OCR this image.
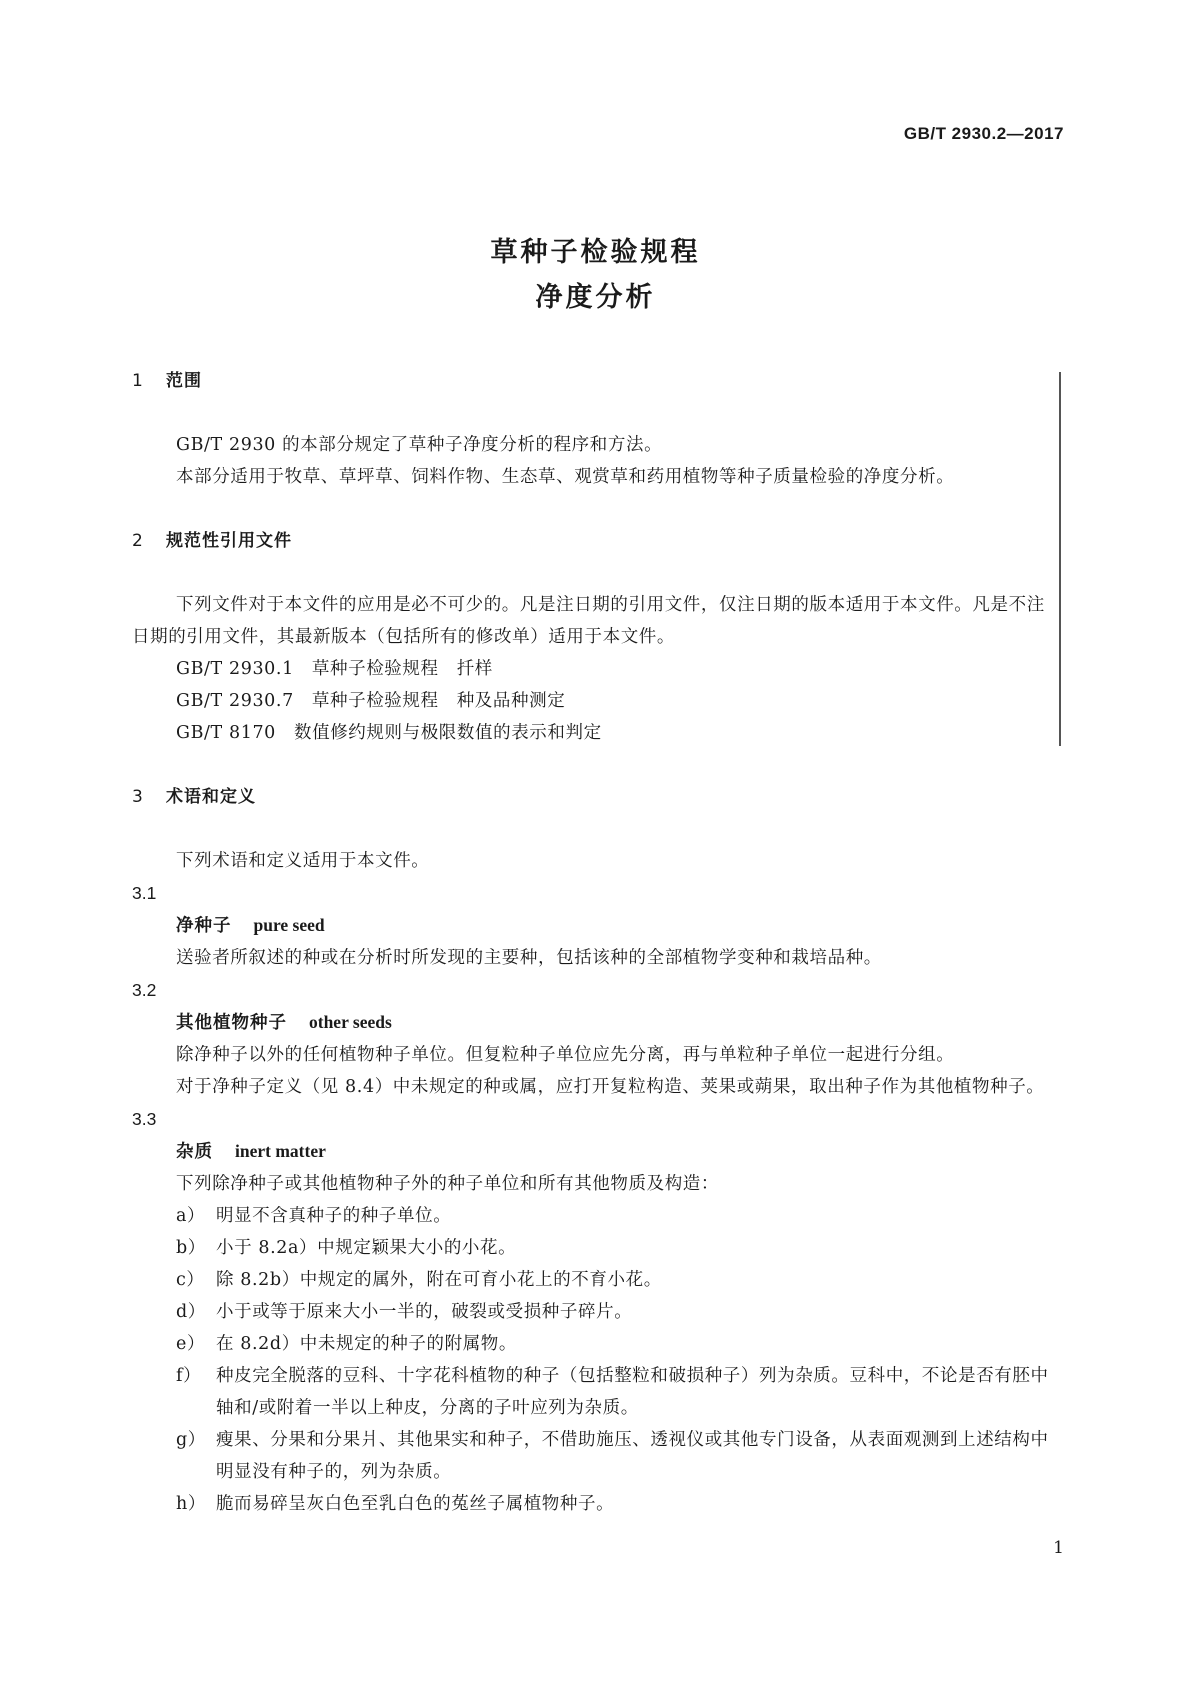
GB/T 2930.2—2017
草种子检验规程
净度分析
1 范围
GB/T 2930 的本部分规定了草种子净度分析的程序和方法。
本部分适用于牧草、草坪草、饲料作物、生态草、观赏草和药用植物等种子质量检验的净度分析。
2 规范性引用文件
下列文件对于本文件的应用是必不可少的。凡是注日期的引用文件，仅注日期的版本适用于本文件。凡是不注日期的引用文件，其最新版本（包括所有的修改单）适用于本文件。
GB/T 2930.1　草种子检验规程　扦样
GB/T 2930.7　草种子检验规程　种及品种测定
GB/T 8170　数值修约规则与极限数值的表示和判定
3 术语和定义
下列术语和定义适用于本文件。
3.1
净种子 pure seed
送验者所叙述的种或在分析时所发现的主要种，包括该种的全部植物学变种和栽培品种。
3.2
其他植物种子 other seeds
除净种子以外的任何植物种子单位。但复粒种子单位应先分离，再与单粒种子单位一起进行分组。
对于净种子定义（见 8.4）中未规定的种或属，应打开复粒构造、荚果或蒴果，取出种子作为其他植物种子。
3.3
杂质 inert matter
下列除净种子或其他植物种子外的种子单位和所有其他物质及构造：
a） 明显不含真种子的种子单位。
b） 小于 8.2a）中规定颖果大小的小花。
c） 除 8.2b）中规定的属外，附在可育小花上的不育小花。
d） 小于或等于原来大小一半的，破裂或受损种子碎片。
e） 在 8.2d）中未规定的种子的附属物。
f） 种皮完全脱落的豆科、十字花科植物的种子（包括整粒和破损种子）列为杂质。豆科中，不论是否有胚中轴和/或附着一半以上种皮，分离的子叶应列为杂质。
g） 瘦果、分果和分果爿、其他果实和种子，不借助施压、透视仪或其他专门设备，从表面观测到上述结构中明显没有种子的，列为杂质。
h） 脆而易碎呈灰白色至乳白色的菟丝子属植物种子。
1
